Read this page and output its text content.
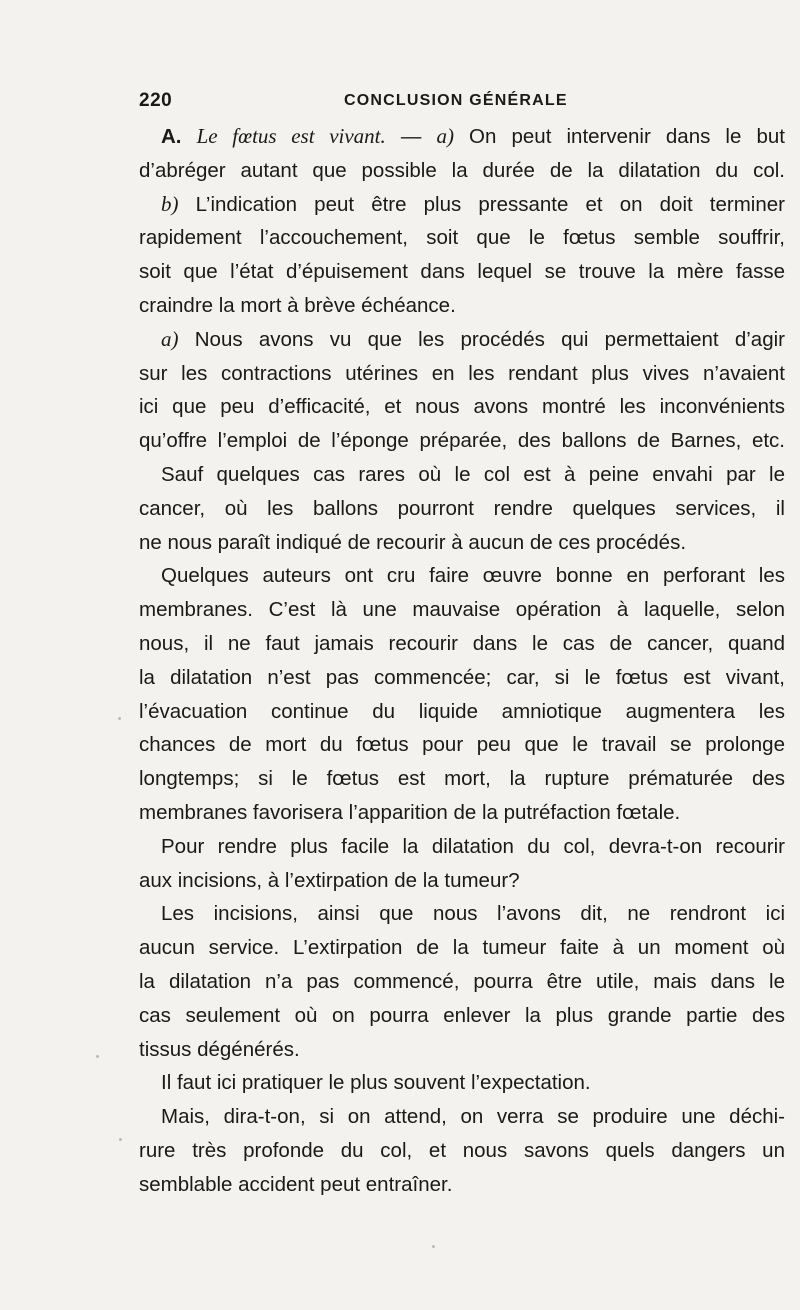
220	CONCLUSION GÉNÉRALE
A. Le fœtus est vivant. — a) On peut intervenir dans le but
d’abréger autant que possible la durée de la dilatation du col.
b) L’indication peut être plus pressante et on doit terminer
rapidement l’accouchement, soit que le fœtus semble souffrir,
soit que l’état d’épuisement dans lequel se trouve la mère fasse
craindre la mort à brève échéance.
a) Nous avons vu que les procédés qui permettaient d’agir
sur les contractions utérines en les rendant plus vives n’avaient
ici que peu d’efficacité, et nous avons montré les inconvénients
qu’offre l’emploi de l’éponge préparée, des ballons de Barnes, etc.
Sauf quelques cas rares où le col est à peine envahi par le
cancer, où les ballons pourront rendre quelques services, il
ne nous paraît indiqué de recourir à aucun de ces procédés.
Quelques auteurs ont cru faire œuvre bonne en perforant les
membranes. C’est là une mauvaise opération à laquelle, selon
nous, il ne faut jamais recourir dans le cas de cancer, quand
la dilatation n’est pas commencée; car, si le fœtus est vivant,
l’évacuation continue du liquide amniotique augmentera les
chances de mort du fœtus pour peu que le travail se prolonge
longtemps; si le fœtus est mort, la rupture prématurée des
membranes favorisera l’apparition de la putréfaction fœtale.
Pour rendre plus facile la dilatation du col, devra-t-on recourir
aux incisions, à l’extirpation de la tumeur?
Les incisions, ainsi que nous l’avons dit, ne rendront ici
aucun service. L’extirpation de la tumeur faite à un moment où
la dilatation n’a pas commencé, pourra être utile, mais dans le
cas seulement où on pourra enlever la plus grande partie des
tissus dégénérés.
Il faut ici pratiquer le plus souvent l’expectation.
Mais, dira-t-on, si on attend, on verra se produire une déchi-
rure très profonde du col, et nous savons quels dangers un
semblable accident peut entraîner.
